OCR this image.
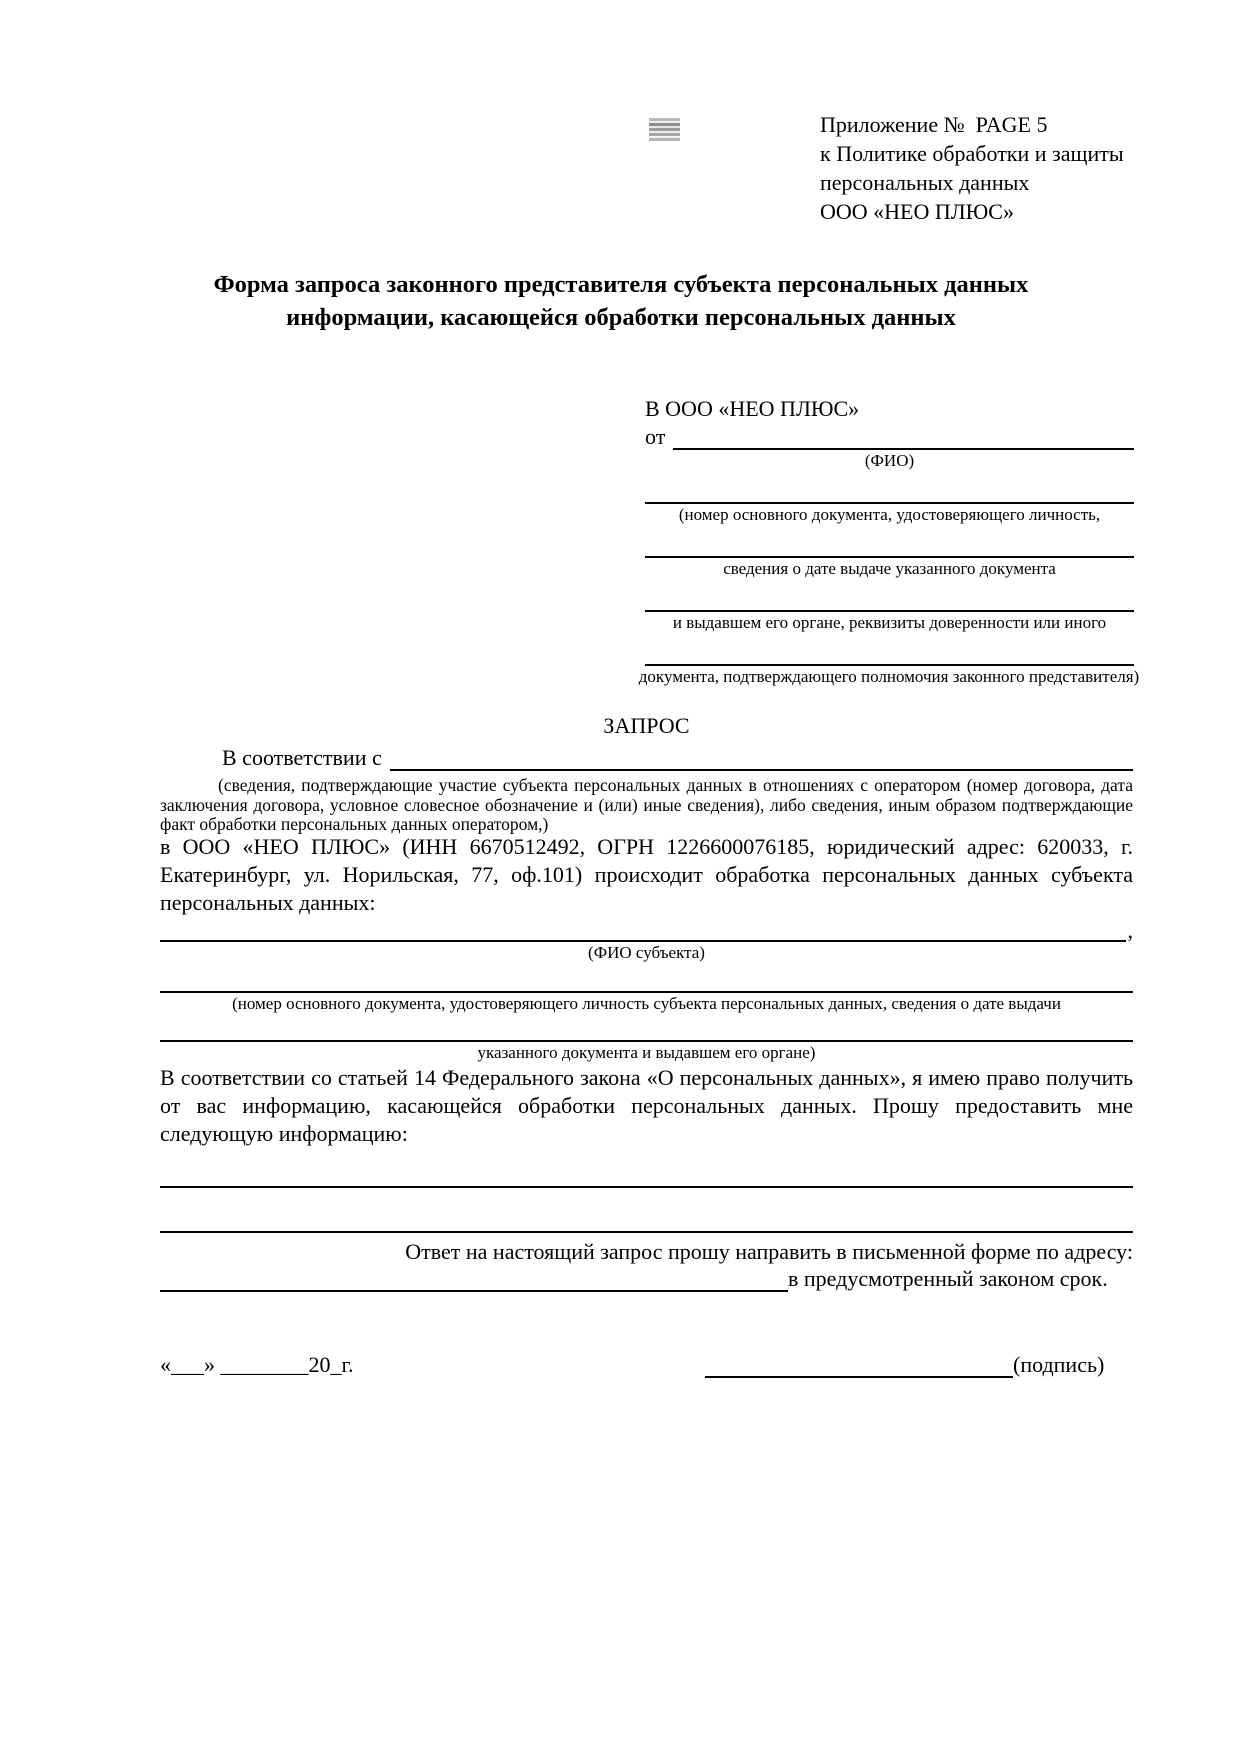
Приложение №  PAGE 5
к Политике обработки и защиты
персональных данных
ООО «НЕО ПЛЮС»
Форма запроса законного представителя субъекта персональных данных
информации, касающейся обработки персональных данных
В ООО «НЕО ПЛЮС»
от
(ФИО)
(номер основного документа, удостоверяющего личность,
сведения о дате выдаче указанного документа
и выдавшем его органе, реквизиты доверенности или иного
документа, подтверждающего полномочия законного представителя)
ЗАПРОС
В соответствии с
(сведения, подтверждающие участие субъекта персональных данных в отношениях с оператором (номер договора, дата заключения договора, условное словесное обозначение и (или) иные сведения), либо сведения, иным образом подтверждающие факт обработки персональных данных оператором,)
в ООО «НЕО ПЛЮС» (ИНН 6670512492, ОГРН 1226600076185, юридический адрес: 620033, г. Екатеринбург, ул. Норильская, 77, оф.101) происходит обработка персональных данных субъекта персональных данных:
,
(ФИО субъекта)
(номер основного документа, удостоверяющего личность субъекта персональных данных, сведения о дате выдачи
указанного документа и выдавшем его органе)
В соответствии со статьей 14 Федерального закона «О персональных данных», я имею право получить от вас информацию, касающейся обработки персональных данных. Прошу предоставить мне следующую информацию:
Ответ на настоящий запрос прошу направить в письменной форме по адресу:
в предусмотренный законом срок.
«___» ________20_г.	(подпись)
